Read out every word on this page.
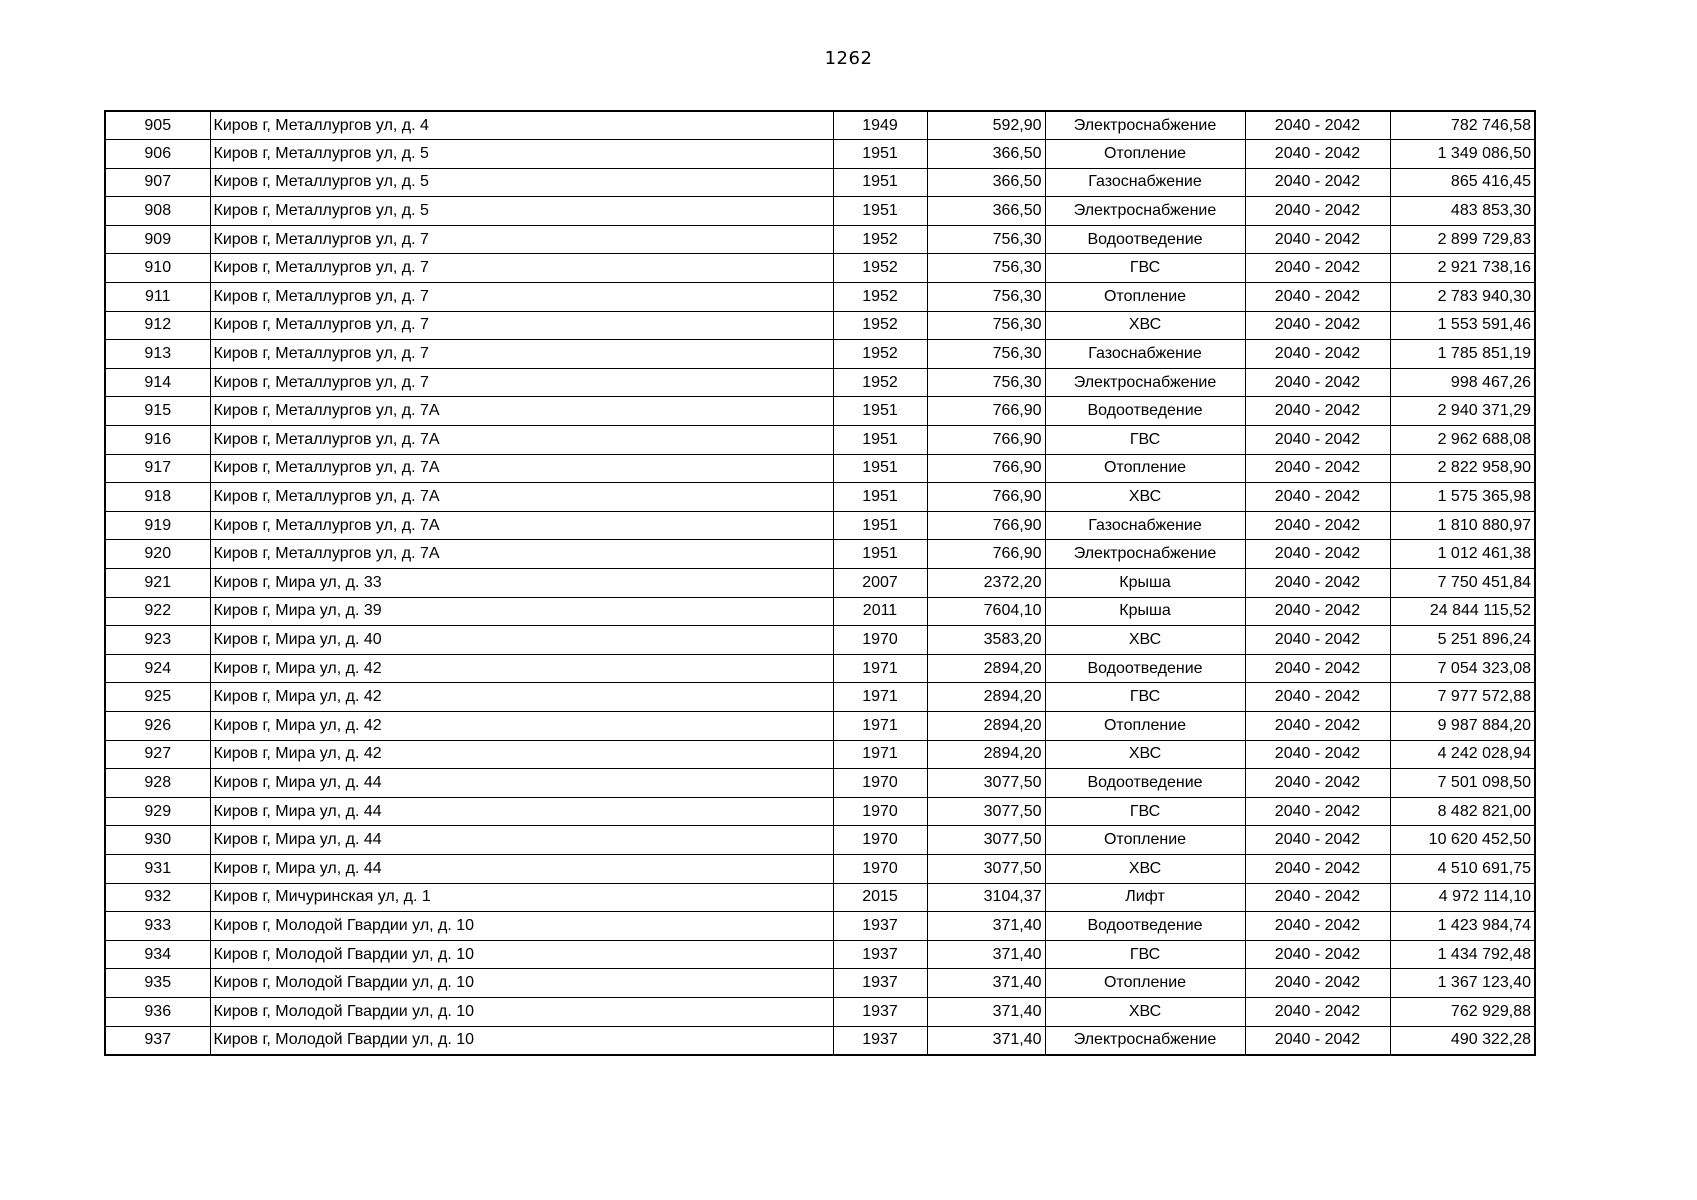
1262
905	Киров г, Металлургов ул, д. 4	1949	592,90	Электроснабжение	2040 - 2042	782 746,58
906	Киров г, Металлургов ул, д. 5	1951	366,50	Отопление	2040 - 2042	1 349 086,50
907	Киров г, Металлургов ул, д. 5	1951	366,50	Газоснабжение	2040 - 2042	865 416,45
908	Киров г, Металлургов ул, д. 5	1951	366,50	Электроснабжение	2040 - 2042	483 853,30
909	Киров г, Металлургов ул, д. 7	1952	756,30	Водоотведение	2040 - 2042	2 899 729,83
910	Киров г, Металлургов ул, д. 7	1952	756,30	ГВС	2040 - 2042	2 921 738,16
911	Киров г, Металлургов ул, д. 7	1952	756,30	Отопление	2040 - 2042	2 783 940,30
912	Киров г, Металлургов ул, д. 7	1952	756,30	ХВС	2040 - 2042	1 553 591,46
913	Киров г, Металлургов ул, д. 7	1952	756,30	Газоснабжение	2040 - 2042	1 785 851,19
914	Киров г, Металлургов ул, д. 7	1952	756,30	Электроснабжение	2040 - 2042	998 467,26
915	Киров г, Металлургов ул, д. 7А	1951	766,90	Водоотведение	2040 - 2042	2 940 371,29
916	Киров г, Металлургов ул, д. 7А	1951	766,90	ГВС	2040 - 2042	2 962 688,08
917	Киров г, Металлургов ул, д. 7А	1951	766,90	Отопление	2040 - 2042	2 822 958,90
918	Киров г, Металлургов ул, д. 7А	1951	766,90	ХВС	2040 - 2042	1 575 365,98
919	Киров г, Металлургов ул, д. 7А	1951	766,90	Газоснабжение	2040 - 2042	1 810 880,97
920	Киров г, Металлургов ул, д. 7А	1951	766,90	Электроснабжение	2040 - 2042	1 012 461,38
921	Киров г, Мира ул, д. 33	2007	2372,20	Крыша	2040 - 2042	7 750 451,84
922	Киров г, Мира ул, д. 39	2011	7604,10	Крыша	2040 - 2042	24 844 115,52
923	Киров г, Мира ул, д. 40	1970	3583,20	ХВС	2040 - 2042	5 251 896,24
924	Киров г, Мира ул, д. 42	1971	2894,20	Водоотведение	2040 - 2042	7 054 323,08
925	Киров г, Мира ул, д. 42	1971	2894,20	ГВС	2040 - 2042	7 977 572,88
926	Киров г, Мира ул, д. 42	1971	2894,20	Отопление	2040 - 2042	9 987 884,20
927	Киров г, Мира ул, д. 42	1971	2894,20	ХВС	2040 - 2042	4 242 028,94
928	Киров г, Мира ул, д. 44	1970	3077,50	Водоотведение	2040 - 2042	7 501 098,50
929	Киров г, Мира ул, д. 44	1970	3077,50	ГВС	2040 - 2042	8 482 821,00
930	Киров г, Мира ул, д. 44	1970	3077,50	Отопление	2040 - 2042	10 620 452,50
931	Киров г, Мира ул, д. 44	1970	3077,50	ХВС	2040 - 2042	4 510 691,75
932	Киров г, Мичуринская ул, д. 1	2015	3104,37	Лифт	2040 - 2042	4 972 114,10
933	Киров г, Молодой Гвардии ул, д. 10	1937	371,40	Водоотведение	2040 - 2042	1 423 984,74
934	Киров г, Молодой Гвардии ул, д. 10	1937	371,40	ГВС	2040 - 2042	1 434 792,48
935	Киров г, Молодой Гвардии ул, д. 10	1937	371,40	Отопление	2040 - 2042	1 367 123,40
936	Киров г, Молодой Гвардии ул, д. 10	1937	371,40	ХВС	2040 - 2042	762 929,88
937	Киров г, Молодой Гвардии ул, д. 10	1937	371,40	Электроснабжение	2040 - 2042	490 322,28
